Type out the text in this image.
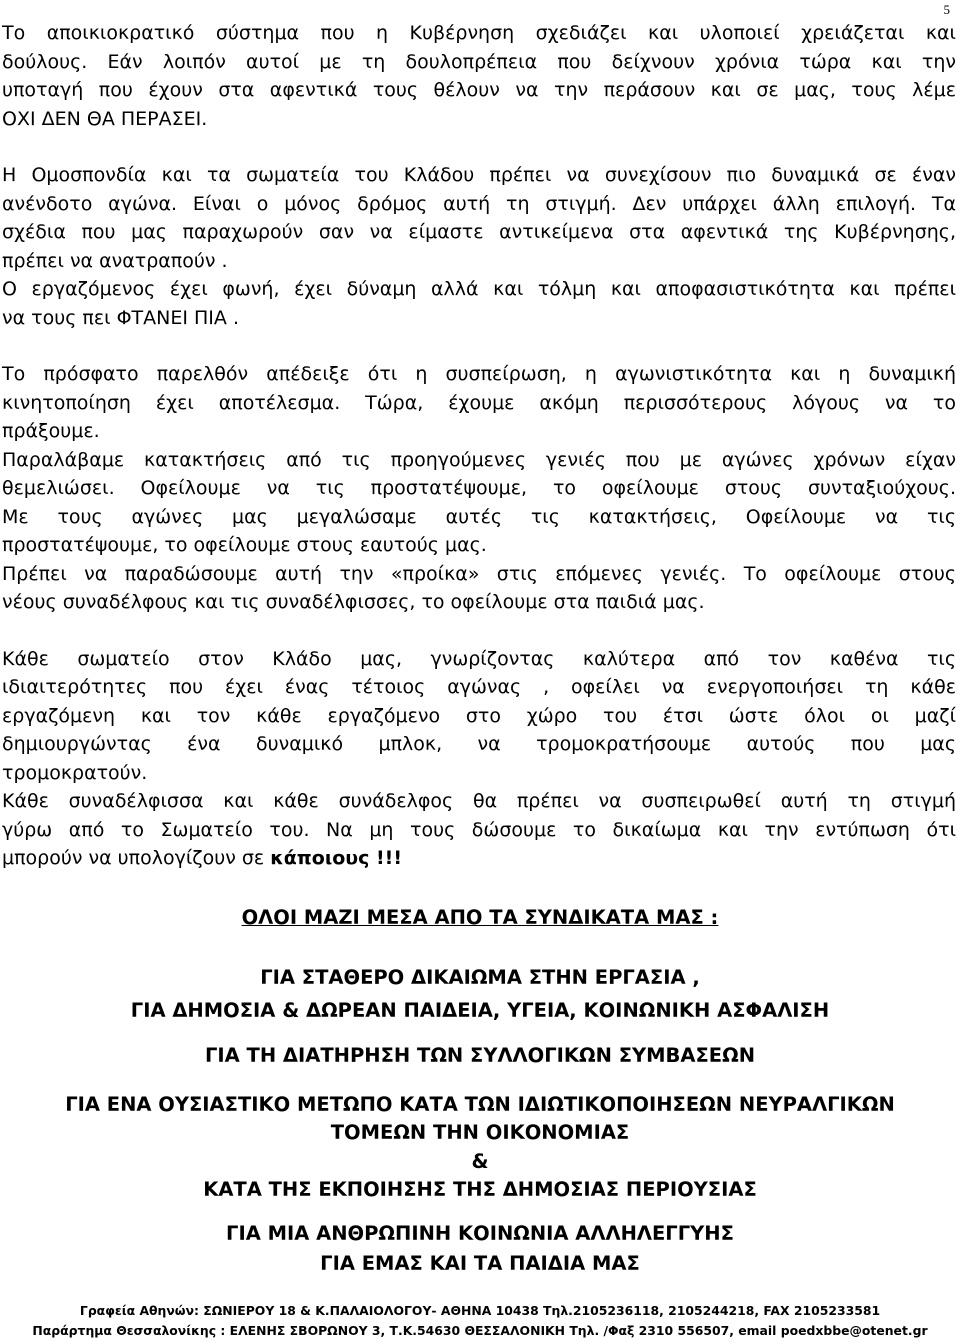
5

Το αποικιοκρατικό σύστημα που η Κυβέρνηση σχεδιάζει και υλοποιεί χρειάζεται και
δούλους. Εάν λοιπόν αυτοί με τη δουλοπρέπεια που δείχνουν χρόνια τώρα και την
υποταγή που έχουν στα αφεντικά τους θέλουν να την περάσουν και σε μας, τους λέμε
ΟΧΙ ΔΕΝ ΘΑ ΠΕΡΑΣΕΙ.

Η Ομοσπονδία και τα σωματεία του Κλάδου πρέπει να συνεχίσουν πιο δυναμικά σε έναν
ανένδοτο αγώνα. Είναι ο μόνος δρόμος αυτή τη στιγμή. Δεν υπάρχει άλλη επιλογή. Τα
σχέδια που μας παραχωρούν σαν να είμαστε αντικείμενα στα αφεντικά της Κυβέρνησης,
πρέπει να ανατραπούν .
Ο εργαζόμενος έχει φωνή, έχει δύναμη αλλά και τόλμη και αποφασιστικότητα και πρέπει
να τους πει ΦΤΑΝΕΙ ΠΙΑ .

Το πρόσφατο παρελθόν απέδειξε ότι η συσπείρωση, η αγωνιστικότητα και η δυναμική
κινητοποίηση έχει αποτέλεσμα. Τώρα, έχουμε ακόμη περισσότερους λόγους να το
πράξουμε.
Παραλάβαμε κατακτήσεις από τις προηγούμενες γενιές που με αγώνες χρόνων είχαν
θεμελιώσει. Οφείλουμε να τις προστατέψουμε, το οφείλουμε στους συνταξιούχους.
Με τους αγώνες μας μεγαλώσαμε αυτές τις κατακτήσεις, Οφείλουμε να τις
προστατέψουμε, το οφείλουμε στους εαυτούς μας.
Πρέπει να παραδώσουμε αυτή την «προίκα» στις επόμενες γενιές. Το οφείλουμε στους
νέους συναδέλφους και τις συναδέλφισσες, το οφείλουμε στα παιδιά μας.

Κάθε σωματείο στον Κλάδο μας, γνωρίζοντας καλύτερα από τον καθένα τις
ιδιαιτερότητες που έχει ένας τέτοιος αγώνας , οφείλει να ενεργοποιήσει τη κάθε
εργαζόμενη και τον κάθε εργαζόμενο στο χώρο του έτσι ώστε όλοι οι μαζί
δημιουργώντας ένα δυναμικό μπλοκ, να τρομοκρατήσουμε αυτούς που μας
τρομοκρατούν.
Κάθε συναδέλφισσα και κάθε συνάδελφος θα πρέπει να συσπειρωθεί αυτή τη στιγμή
γύρω από το Σωματείο του. Να μη τους δώσουμε το δικαίωμα και την εντύπωση ότι
μπορούν να υπολογίζουν σε κάποιους !!!

ΟΛΟΙ ΜΑΖΙ ΜΕΣΑ ΑΠΟ ΤΑ ΣΥΝΔΙΚΑΤΑ ΜΑΣ :
ΓΙΑ ΣΤΑΘΕΡΟ ΔΙΚΑΙΩΜΑ ΣΤΗΝ ΕΡΓΑΣΙΑ ,
ΓΙΑ ΔΗΜΟΣΙΑ & ΔΩΡΕΑΝ ΠΑΙΔΕΙΑ, ΥΓΕΙΑ, ΚΟΙΝΩΝΙΚΗ ΑΣΦΑΛΙΣΗ
ΓΙΑ ΤΗ ΔΙΑΤΗΡΗΣΗ ΤΩΝ ΣΥΛΛΟΓΙΚΩΝ ΣΥΜΒΑΣΕΩΝ
ΓΙΑ ΕΝΑ ΟΥΣΙΑΣΤΙΚΟ ΜΕΤΩΠΟ ΚΑΤΑ ΤΩΝ ΙΔΙΩΤΙΚΟΠΟΙΗΣΕΩΝ ΝΕΥΡΑΛΓΙΚΩΝ
ΤΟΜΕΩΝ ΤΗΝ ΟΙΚΟΝΟΜΙΑΣ
&
ΚΑΤΑ ΤΗΣ ΕΚΠΟΙΗΣΗΣ ΤΗΣ ΔΗΜΟΣΙΑΣ ΠΕΡΙΟΥΣΙΑΣ
ΓΙΑ ΜΙΑ ΑΝΘΡΩΠΙΝΗ ΚΟΙΝΩΝΙΑ ΑΛΛΗΛΕΓΓΥΗΣ
ΓΙΑ ΕΜΑΣ ΚΑΙ ΤΑ ΠΑΙΔΙΑ ΜΑΣ
Γραφεία Αθηνών: ΣΩΝΙΕΡΟΥ 18 & Κ.ΠΑΛΑΙΟΛΟΓΟΥ- ΑΘΗΝΑ 10438 Τηλ.2105236118, 2105244218, FAX 2105233581
Παράρτημα Θεσσαλονίκης : ΕΛΕΝΗΣ ΣΒΟΡΩΝΟΥ 3, Τ.Κ.54630 ΘΕΣΣΑΛΟΝΙΚΗ Τηλ. /Φαξ 2310 556507, email poedxbbe@otenet.gr
